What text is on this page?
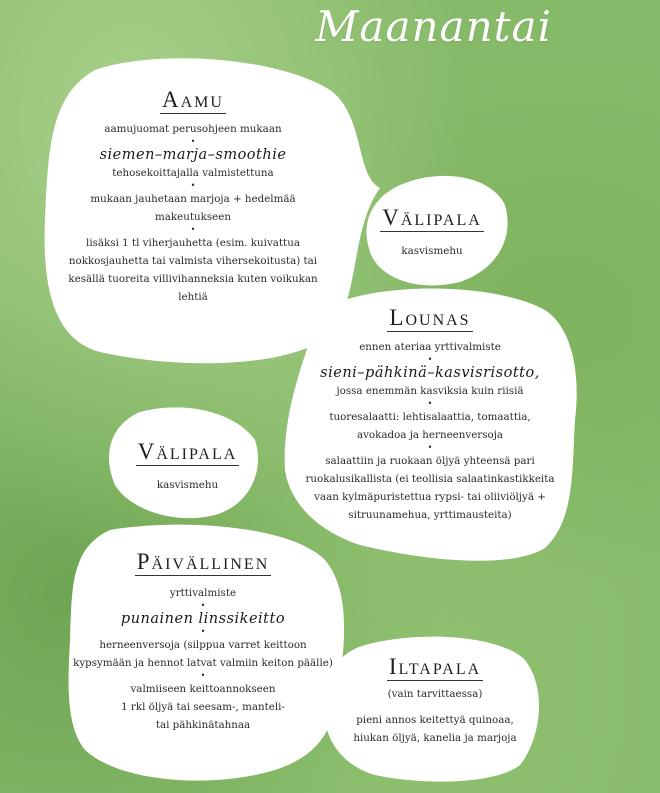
Maanantai
Aamu
aamujuomat perusohjeen mukaan
•
siemen–marja–smoothie
tehosekoittajalla valmistettuna
•
mukaan jauhetaan marjoja + hedelmää
makeutukseen
•
lisäksi 1 tl viherjauhetta (esim. kuivattua
nokkosjauhetta tai valmista vihersekoitusta) tai
kesällä tuoreita villivihanneksia kuten voikukan
lehtiä
Välipala
kasvismehu
Lounas
ennen ateriaa yrttivalmiste
•
sieni–pähkinä–kasvisrisotto,
jossa enemmän kasviksia kuin riisiä
•
tuoresalaatti: lehtisalaattia, tomaattia,
avokadoa ja herneenversoja
•
salaattiin ja ruokaan öljyä yhteensä pari
ruokalusikallista (ei teollisia salaatinkastikkeita
vaan kylmäpuristettua rypsi- tai oliiviöljyä +
sitruunamehua, yrttimausteita)
Välipala
kasvismehu
Päivällinen
yrttivalmiste
•
punainen linssikeitto
•
herneenversoja (silppua varret keittoon
kypsymään ja hennot latvat valmiin keiton päälle)
•
valmiiseen keittoannokseen
1 rkl öljyä tai seesam-, manteli-
tai pähkinätahnaa
Iltapala
(vain tarvittaessa)
pieni annos keitettyä quinoaa,
hiukan öljyä, kanelia ja marjoja
